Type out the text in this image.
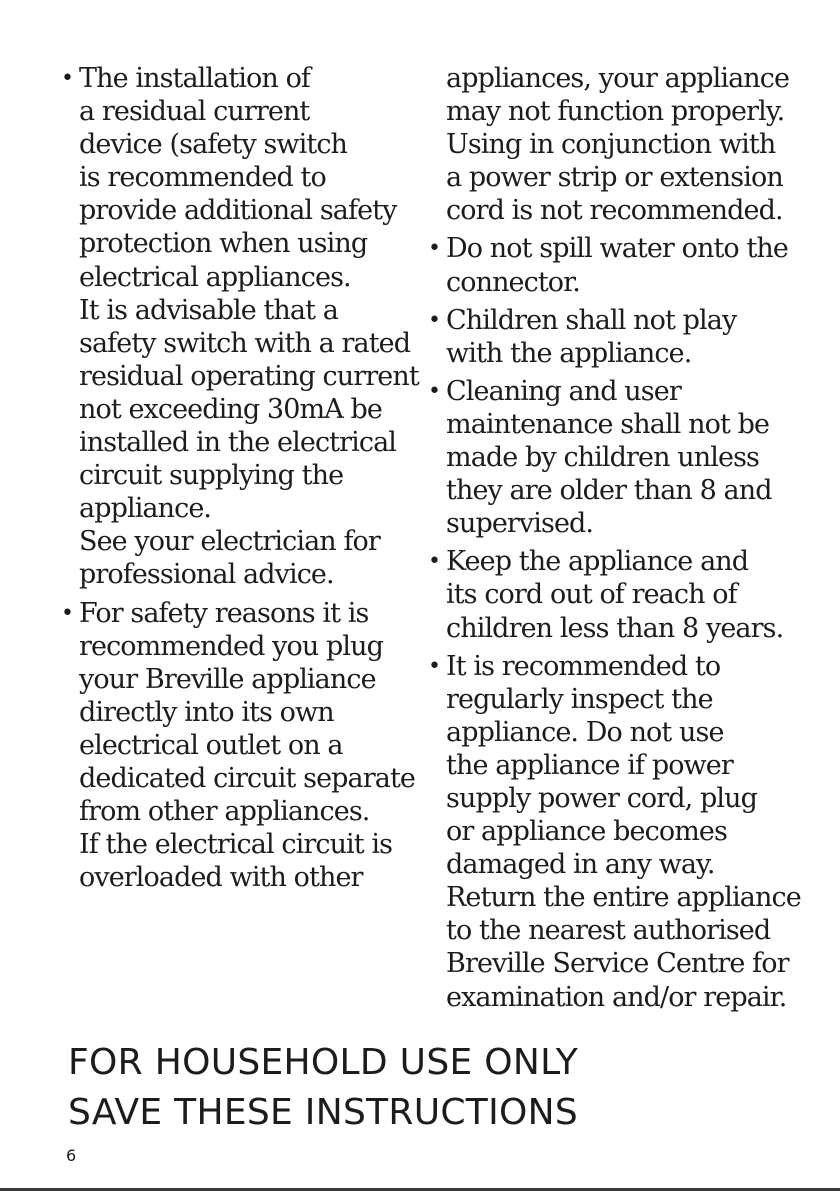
• The installation of
a residual current
device (safety switch
is recommended to
provide additional safety
protection when using
electrical appliances.
It is advisable that a
safety switch with a rated
residual operating current
not exceeding 30mA be
installed in the electrical
circuit supplying the
appliance.
See your electrician for
professional advice.
• For safety reasons it is
recommended you plug
your Breville appliance
directly into its own
electrical outlet on a
dedicated circuit separate
from other appliances.
If the electrical circuit is
overloaded with other
appliances, your appliance
may not function properly.
Using in conjunction with
a power strip or extension
cord is not recommended.
• Do not spill water onto the
connector.
• Children shall not play
with the appliance.
• Cleaning and user
maintenance shall not be
made by children unless
they are older than 8 and
supervised.
• Keep the appliance and
its cord out of reach of
children less than 8 years.
• It is recommended to
regularly inspect the
appliance. Do not use
the appliance if power
supply power cord, plug
or appliance becomes
damaged in any way.
Return the entire appliance
to the nearest authorised
Breville Service Centre for
examination and/or repair.
FOR HOUSEHOLD USE ONLY
SAVE THESE INSTRUCTIONS
6
